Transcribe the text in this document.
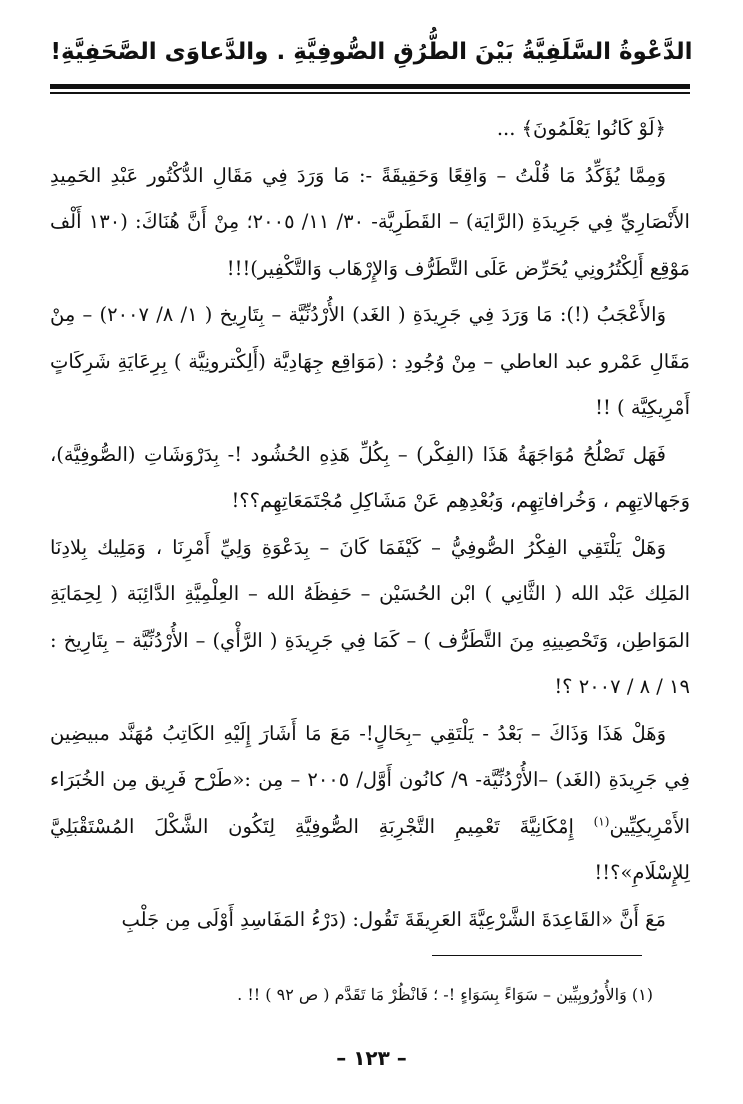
الدَّعْوةُ السَّلَفِيَّةُ بَيْنَ الطُّرُقِ الصُّوفِيَّةِ . والدَّعاوَى الصَّحَفِيَّةِ!

﴿لَوْ كَانُوا يَعْلَمُونَ﴾ ...

وَمِمَّا يُؤَكِّدُ مَا قُلْتُ – وَاقِعًا وَحَقِيقَةً -: مَا وَرَدَ فِي مَقَالِ الدُّكْتُور عَبْدِ الحَمِيدِ الأَنْصَارِيِّ فِي جَرِيدَةِ (الرَّايَة) – القَطَرِيَّة- ٣٠/ ١١/ ٢٠٠٥؛ مِنْ أَنَّ هُنَاكَ: (١٣٠ أَلْف مَوْقِع أَلِكْتُرُونِي يُحَرِّض عَلَى التَّطَرُّف وَالإِرْهَاب وَالتَّكْفِير)!!!

وَالأَعْجَبُ (!): مَا وَرَدَ فِي جَرِيدَةِ ( الغَد) الأُرْدُنِّيَّة – بِتَارِيخ ( ١/ ٨/ ٢٠٠٧) – مِنْ مَقَالِ عَمْرو عبد العاطي – مِنْ وُجُودِ : (مَوَاقِع جِهَادِيَّة (أَلِكْترونِيَّة ) بِرِعَايَةِ شَرِكَاتٍ أَمْرِيكِيَّة ) !!

فَهَل تَصْلُحُ مُوَاجَهَةُ هَذَا (الفِكْر) – بِكُلِّ هَذِهِ الحُشُود !- بِدَرْوَشَاتِ (الصُّوفِيَّة)، وَجَهالاتِهِم ، وَخُرافاتِهِم، وَبُعْدِهِم عَنْ مَشَاكِلِ مُجْتَمَعَاتِهِم؟؟!

وَهَلْ يَلْتَقِي الفِكْرُ الصُّوفِيُّ – كَيْفَمَا كَانَ – بِدَعْوَةِ وَلِيِّ أَمْرِنَا ، وَمَلِيك بِلادِنَا المَلِك عَبْد الله ( الثَّانِي ) ابْن الحُسَيْن – حَفِظَهُ الله – العِلْمِيَّةِ الدَّائِبَة ( لِحِمَايَةِ المَوَاطِن، وَتَحْصِينِهِ مِنَ التَّطَرُّف ) – كَمَا فِي جَرِيدَةِ ( الرَّأْي) – الأُرْدُنِّيَّة – بِتَارِيخ : ١٩ / ٨ / ٢٠٠٧ ؟!

وَهَلْ هَذَا وَذَاكَ – بَعْدُ - يَلْتَقِي –بِحَالٍ!- مَعَ مَا أَشَارَ إِلَيْهِ الكَاتِبُ مُهَنَّد مبيضِين فِي جَرِيدَةِ (الغَد) –الأُرْدُنِّيَّة- ٩/ كانُون أَوَّل/ ٢٠٠٥ – مِن :«طَرْح فَرِيق مِن الخُبَرَاء الأَمْرِيكِيِّين$^{(١)}$ إِمْكَانِيَّةَ تَعْمِيمِ التَّجْرِبَةِ الصُّوفِيَّةِ لِتَكُون الشَّكْلَ المُسْتَقْبَلِيَّ لِلإِسْلَامِ»؟!!

مَعَ أَنَّ «القَاعِدَةَ الشَّرْعِيَّةَ العَرِيقَةَ تَقُول: (دَرْءُ المَفَاسِدِ أَوْلَى مِن جَلْبِ

(١) وَالأُورُوبِيِّين – سَوَاءً بِسَوَاءٍ !- ؛ فَانْظُرْ مَا تَقَدَّم ( ص ٩٢ ) !! .
– ١٢٣ –
